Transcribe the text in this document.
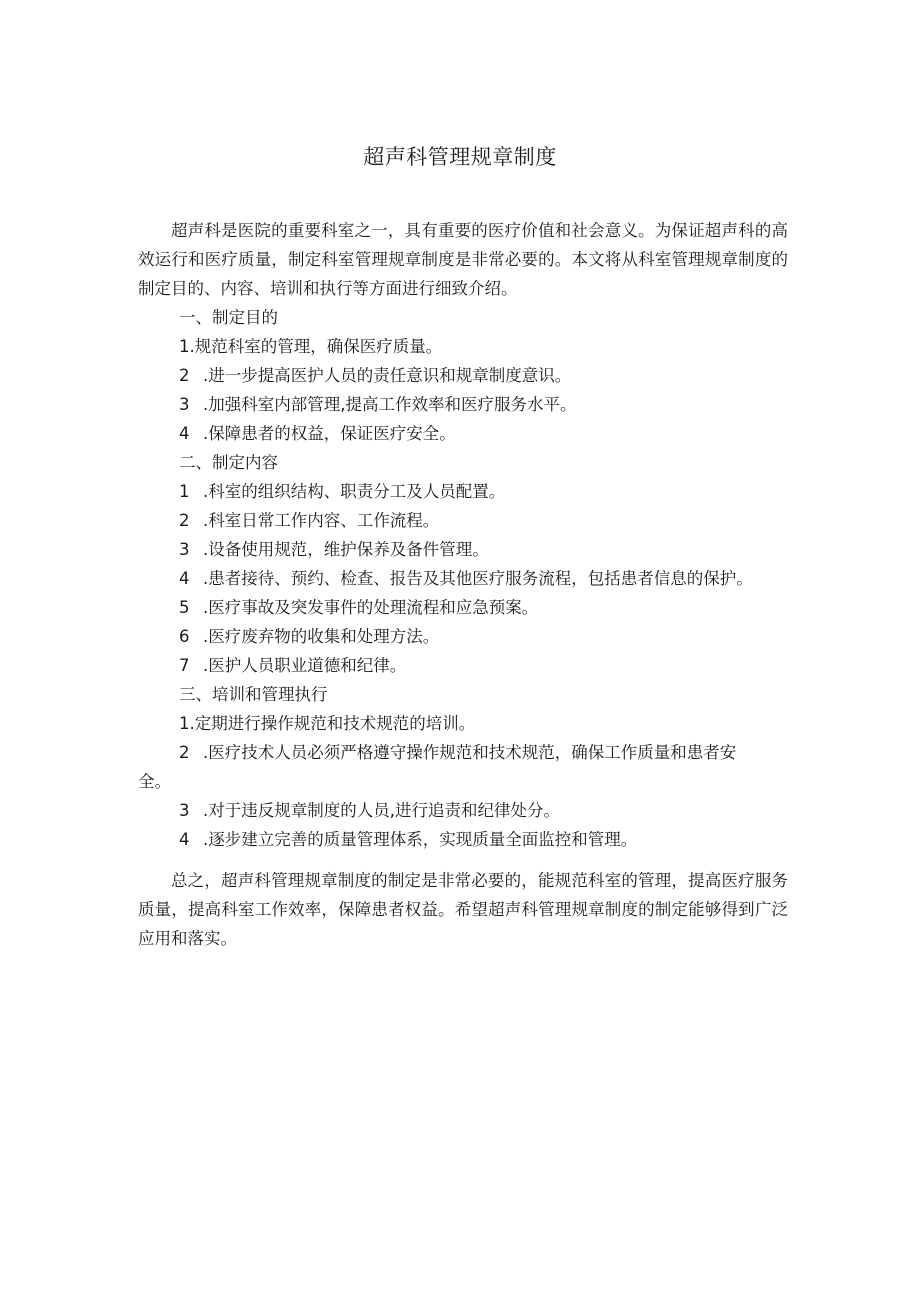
超声科管理规章制度

超声科是医院的重要科室之一，具有重要的医疗价值和社会意义。为保证超声科的高效运行和医疗质量，制定科室管理规章制度是非常必要的。本文将从科室管理规章制度的制定目的、内容、培训和执行等方面进行细致介绍。

一、制定目的

1.规范科室的管理，确保医疗质量。

2 .进一步提高医护人员的责任意识和规章制度意识。

3 .加强科室内部管理,提高工作效率和医疗服务水平。

4 .保障患者的权益，保证医疗安全。

二、制定内容

1 .科室的组织结构、职责分工及人员配置。

2 .科室日常工作内容、工作流程。

3 .设备使用规范，维护保养及备件管理。

4 .患者接待、预约、检查、报告及其他医疗服务流程，包括患者信息的保护。

5 .医疗事故及突发事件的处理流程和应急预案。

6 .医疗废弃物的收集和处理方法。

7 .医护人员职业道德和纪律。

三、培训和管理执行

1.定期进行操作规范和技术规范的培训。

2 .医疗技术人员必须严格遵守操作规范和技术规范，确保工作质量和患者安
全。

3 .对于违反规章制度的人员,进行追责和纪律处分。

4 .逐步建立完善的质量管理体系，实现质量全面监控和管理。

总之，超声科管理规章制度的制定是非常必要的，能规范科室的管理，提高医疗服务质量，提高科室工作效率，保障患者权益。希望超声科管理规章制度的制定能够得到广泛应用和落实。
